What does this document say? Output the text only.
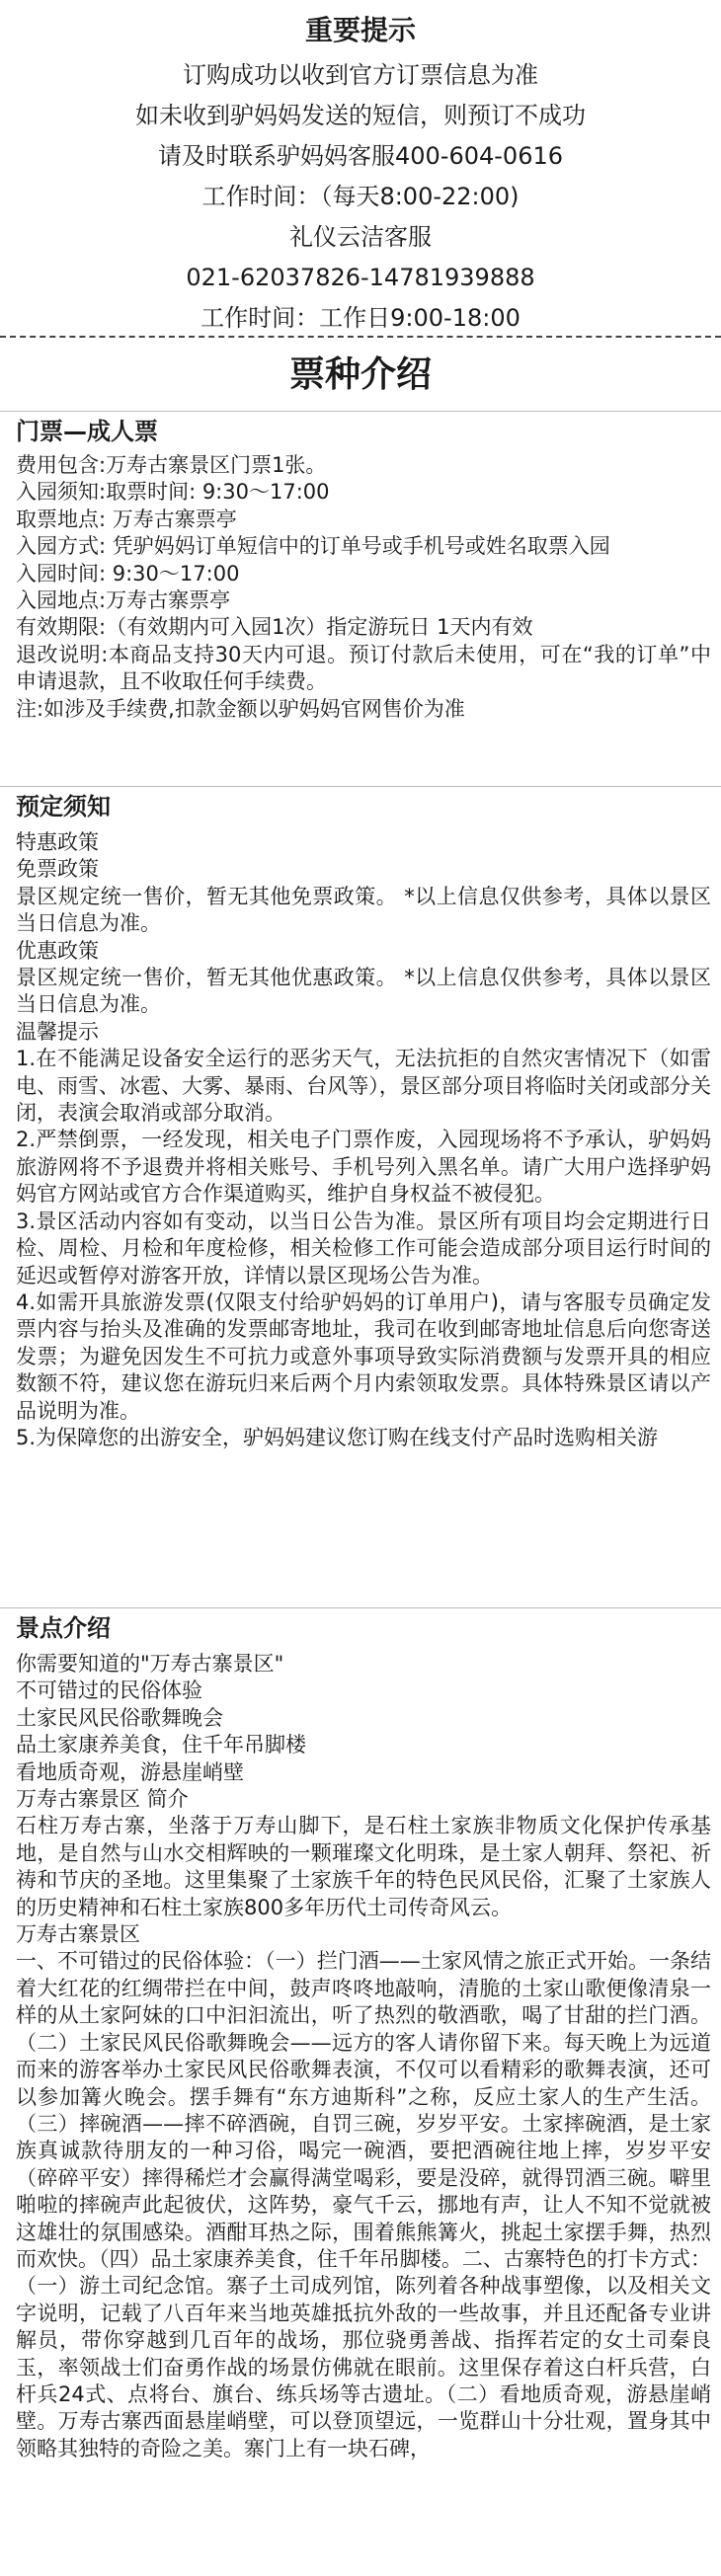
重要提示
订购成功以收到官方订票信息为准
如未收到驴妈妈发送的短信，则预订不成功
请及时联系驴妈妈客服400-604-0616
工作时间：（每天8:00-22:00)
礼仪云洁客服
021-62037826-14781939888
工作时间：工作日9:00-18:00
票种介绍
门票—成人票
费用包含:万寿古寨景区门票1张。
入园须知:取票时间: 9:30～17:00
取票地点: 万寿古寨票亭
入园方式: 凭驴妈妈订单短信中的订单号或手机号或姓名取票入园
入园时间: 9:30～17:00
入园地点:万寿古寨票亭
有效期限:（有效期内可入园1次）指定游玩日 1天内有效
退改说明:本商品支持30天内可退。预订付款后未使用，可在“我的订单”中申请退款，且不收取任何手续费。
注:如涉及手续费,扣款金额以驴妈妈官网售价为准
预定须知
特惠政策
免票政策
景区规定统一售价，暂无其他免票政策。 *以上信息仅供参考，具体以景区当日信息为准。
优惠政策
景区规定统一售价，暂无其他优惠政策。 *以上信息仅供参考，具体以景区当日信息为准。
温馨提示
1.在不能满足设备安全运行的恶劣天气，无法抗拒的自然灾害情况下（如雷电、雨雪、冰雹、大雾、暴雨、台风等），景区部分项目将临时关闭或部分关闭，表演会取消或部分取消。
2.严禁倒票，一经发现，相关电子门票作废，入园现场将不予承认，驴妈妈旅游网将不予退费并将相关账号、手机号列入黑名单。请广大用户选择驴妈妈官方网站或官方合作渠道购买，维护自身权益不被侵犯。
3.景区活动内容如有变动，以当日公告为准。景区所有项目均会定期进行日检、周检、月检和年度检修，相关检修工作可能会造成部分项目运行时间的延迟或暂停对游客开放，详情以景区现场公告为准。
4.如需开具旅游发票(仅限支付给驴妈妈的订单用户)，请与客服专员确定发票内容与抬头及准确的发票邮寄地址，我司在收到邮寄地址信息后向您寄送发票；为避免因发生不可抗力或意外事项导致实际消费额与发票开具的相应数额不符，建议您在游玩归来后两个月内索领取发票。具体特殊景区请以产品说明为准。
5.为保障您的出游安全，驴妈妈建议您订购在线支付产品时选购相关游
景点介绍
你需要知道的"万寿古寨景区"
不可错过的民俗体验
土家民风民俗歌舞晚会
品土家康养美食，住千年吊脚楼
看地质奇观，游悬崖峭壁
万寿古寨景区 简介
石柱万寿古寨，坐落于万寿山脚下，是石柱土家族非物质文化保护传承基地，是自然与山水交相辉映的一颗璀璨文化明珠，是土家人朝拜、祭祀、祈祷和节庆的圣地。这里集聚了土家族千年的特色民风民俗，汇聚了土家族人的历史精神和石柱土家族800多年历代土司传奇风云。
万寿古寨景区
一、不可错过的民俗体验：（一）拦门酒——土家风情之旅正式开始。一条结着大红花的红绸带拦在中间，鼓声咚咚地敲响，清脆的土家山歌便像清泉一样的从土家阿妹的口中汩汩流出，听了热烈的敬酒歌，喝了甘甜的拦门酒。（二）土家民风民俗歌舞晚会——远方的客人请你留下来。每天晚上为远道而来的游客举办土家民风民俗歌舞表演，不仅可以看精彩的歌舞表演，还可以参加篝火晚会。摆手舞有“东方迪斯科”之称，反应土家人的生产生活。（三）摔碗酒——摔不碎酒碗，自罚三碗，岁岁平安。土家摔碗酒，是土家族真诚款待朋友的一种习俗，喝完一碗酒，要把酒碗往地上摔，岁岁平安（碎碎平安）摔得稀烂才会赢得满堂喝彩，要是没碎，就得罚酒三碗。噼里啪啦的摔碗声此起彼伏，这阵势，豪气千云，挪地有声，让人不知不觉就被这雄壮的氛围感染。酒酣耳热之际，围着熊熊篝火，挑起土家摆手舞，热烈而欢快。（四）品土家康养美食，住千年吊脚楼。二、古寨特色的打卡方式：（一）游土司纪念馆。寨子土司成列馆，陈列着各种战事塑像，以及相关文字说明，记载了八百年来当地英雄抵抗外敌的一些故事，并且还配备专业讲解员，带你穿越到几百年的战场，那位骁勇善战、指挥若定的女土司秦良玉，率领战士们奋勇作战的场景仿佛就在眼前。这里保存着这白杆兵营，白杆兵24式、点将台、旗台、练兵场等古遗址。（二）看地质奇观，游悬崖峭壁。万寿古寨西面悬崖峭壁，可以登顶望远，一览群山十分壮观，置身其中领略其独特的奇险之美。寨门上有一块石碑，
